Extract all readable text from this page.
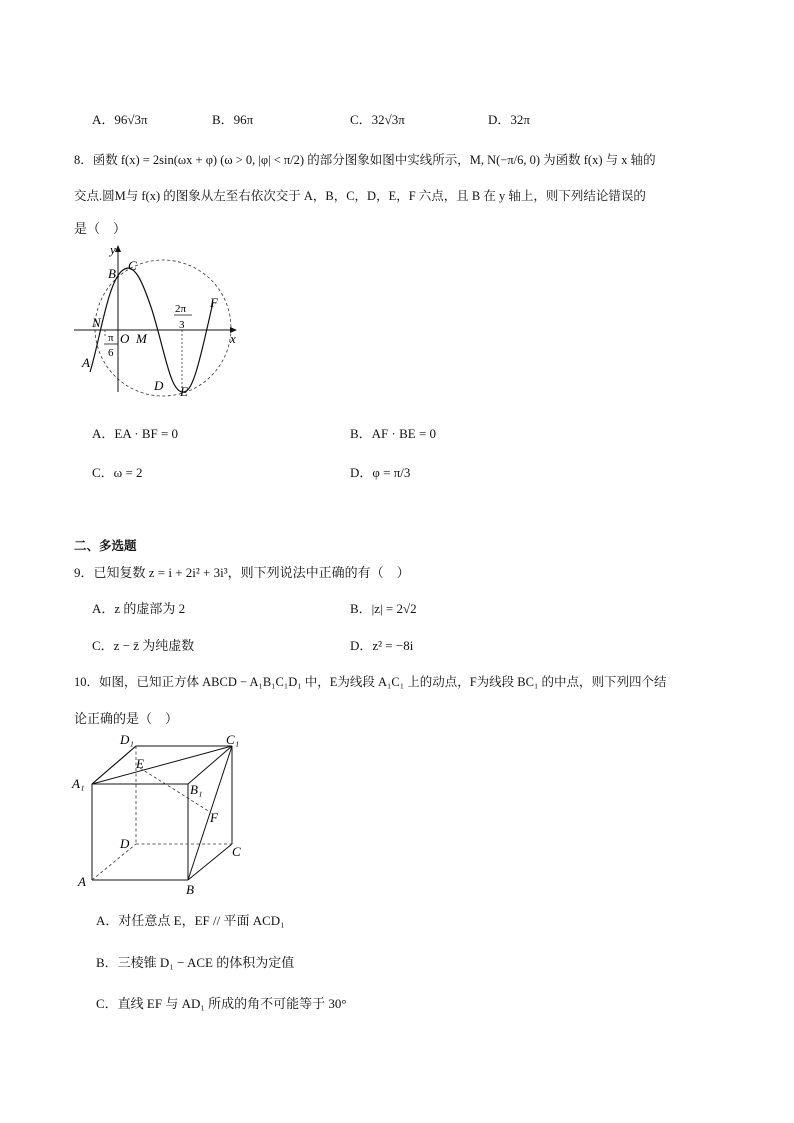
A．96√3π	B．96π	C．32√3π	D．32π
8．函数 f(x) = 2sin(ωx + φ) (ω > 0, |φ| < π/2) 的部分图象如图中实线所示，M, N(−π/6, 0) 为函数 f(x) 与 x 轴的
交点.圆M与 f(x) 的图象从左至右依次交于 A，B，C，D，E，F 六点，且 B 在 y 轴上，则下列结论错误的
是（　）
y
x
B
C
N
O M
A
D E
F
π
6
2π
3
A．EA · BF = 0	B．AF · BE = 0
C．ω = 2	D．φ = π/3
二、多选题
9．已知复数 z = i + 2i² + 3i³，则下列说法中正确的有（　）
A．z 的虚部为 2	B．|z| = 2√2
C．z − z̄ 为纯虚数	D．z² = −8i
10．如图，已知正方体 ABCD − A₁B₁C₁D₁ 中，E为线段 A₁C₁ 上的动点，F为线段 BC₁ 的中点，则下列四个结
论正确的是（　）
D₁	C₁
A₁	B₁
E
F
D
C
A
B
A．对任意点 E，EF // 平面 ACD₁
B．三棱锥 D₁ − ACE 的体积为定值
C．直线 EF 与 AD₁ 所成的角不可能等于 30°
